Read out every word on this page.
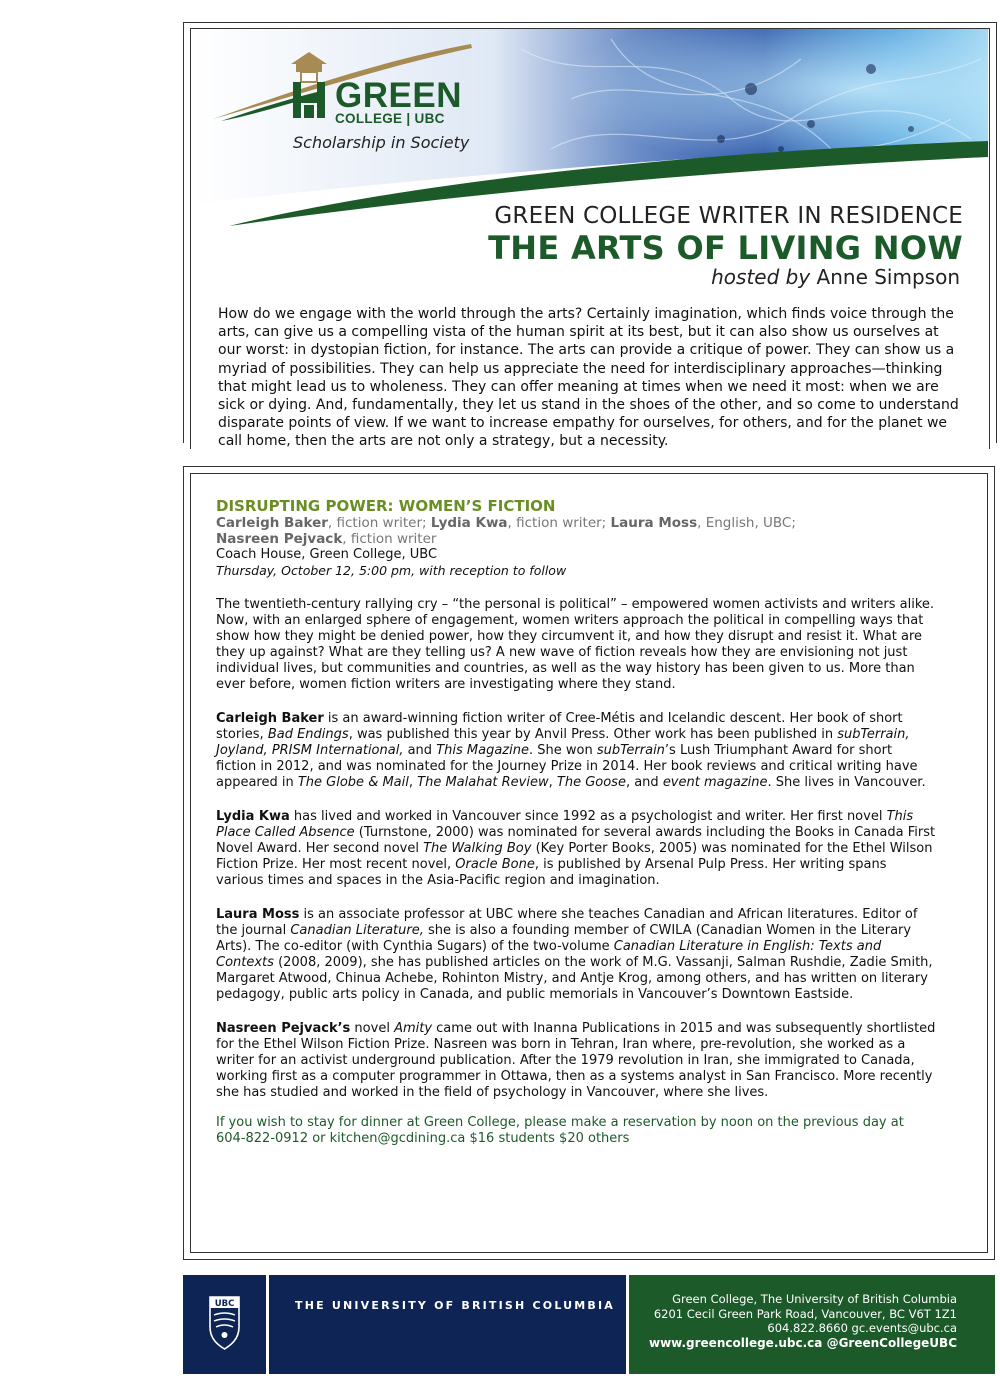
GREEN
COLLEGE | UBC
Scholarship in Society
GREEN COLLEGE WRITER IN RESIDENCE
THE ARTS OF LIVING NOW
hosted by Anne Simpson
How do we engage with the world through the arts? Certainly imagination, which finds voice through the arts, can give us a compelling vista of the human spirit at its best, but it can also show us ourselves at our worst: in dystopian fiction, for instance. The arts can provide a critique of power. They can show us a myriad of possibilities. They can help us appreciate the need for interdisciplinary approaches—thinking that might lead us to wholeness. They can offer meaning at times when we need it most: when we are sick or dying. And, fundamentally, they let us stand in the shoes of the other, and so come to understand disparate points of view. If we want to increase empathy for ourselves, for others, and for the planet we call home, then the arts are not only a strategy, but a necessity.
DISRUPTING POWER: WOMEN’S FICTION
Carleigh Baker, fiction writer; Lydia Kwa, fiction writer; Laura Moss, English, UBC;
Nasreen Pejvack, fiction writer
Coach House, Green College, UBC
Thursday, October 12, 5:00 pm, with reception to follow
The twentieth-century rallying cry – “the personal is political” – empowered women activists and writers alike. Now, with an enlarged sphere of engagement, women writers approach the political in compelling ways that show how they might be denied power, how they circumvent it, and how they disrupt and resist it. What are they up against? What are they telling us? A new wave of fiction reveals how they are envisioning not just individual lives, but communities and countries, as well as the way history has been given to us. More than ever before, women fiction writers are investigating where they stand.
Carleigh Baker is an award-winning fiction writer of Cree-Métis and Icelandic descent. Her book of short stories, Bad Endings, was published this year by Anvil Press. Other work has been published in subTerrain, Joyland, PRISM International, and This Magazine. She won subTerrain’s Lush Triumphant Award for short fiction in 2012, and was nominated for the Journey Prize in 2014. Her book reviews and critical writing have appeared in The Globe & Mail, The Malahat Review, The Goose, and event magazine. She lives in Vancouver.
Lydia Kwa has lived and worked in Vancouver since 1992 as a psychologist and writer. Her first novel This Place Called Absence (Turnstone, 2000) was nominated for several awards including the Books in Canada First Novel Award. Her second novel The Walking Boy (Key Porter Books, 2005) was nominated for the Ethel Wilson Fiction Prize. Her most recent novel, Oracle Bone, is published by Arsenal Pulp Press. Her writing spans various times and spaces in the Asia-Pacific region and imagination.
Laura Moss is an associate professor at UBC where she teaches Canadian and African literatures. Editor of the journal Canadian Literature, she is also a founding member of CWILA (Canadian Women in the Literary Arts). The co-editor (with Cynthia Sugars) of the two-volume Canadian Literature in English: Texts and Contexts (2008, 2009), she has published articles on the work of M.G. Vassanji, Salman Rushdie, Zadie Smith, Margaret Atwood, Chinua Achebe, Rohinton Mistry, and Antje Krog, among others, and has written on literary pedagogy, public arts policy in Canada, and public memorials in Vancouver’s Downtown Eastside.
Nasreen Pejvack’s novel Amity came out with Inanna Publications in 2015 and was subsequently shortlisted for the Ethel Wilson Fiction Prize. Nasreen was born in Tehran, Iran where, pre-revolution, she worked as a writer for an activist underground publication. After the 1979 revolution in Iran, she immigrated to Canada, working first as a computer programmer in Ottawa, then as a systems analyst in San Francisco. More recently she has studied and worked in the field of psychology in Vancouver, where she lives.
If you wish to stay for dinner at Green College, please make a reservation by noon on the previous day at 604-822-0912 or kitchen@gcdining.ca $16 students $20 others
UBC	THE UNIVERSITY OF BRITISH COLUMBIA	Green College, The University of British Columbia
6201 Cecil Green Park Road, Vancouver, BC V6T 1Z1
604.822.8660 gc.events@ubc.ca
www.greencollege.ubc.ca @GreenCollegeUBC
